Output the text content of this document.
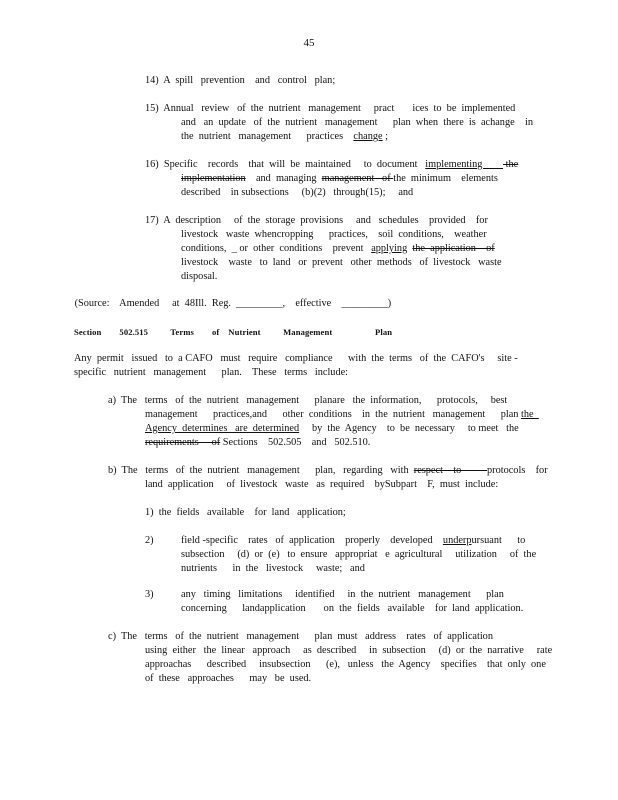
45
14)  A  spill   prevention    and   control   plan;
15)  Annual   review   of  the  nutrient   management     pract       ices  to  be  implemented
and   an  update   of  the  nutrient   management      plan  when  there  is  achange    in
the  nutrient   management      practices    change ;
16)  Specific    records    that  will  be  maintained     to  document   implementing         the
implementation    and  managing  management   of the  minimum    elements
described    in subsections     (b)(2)   through(15);     and
17)  A  description     of  the  storage  provisions     and   schedules    provided    for
livestock   waste  whencropping      practices,    soil  conditions,    weather
conditions,  _ or  other  conditions    prevent   applying the  application    of
livestock    waste   to  land   or  prevent   other  methods   of  livestock   waste
disposal.
(Source:    Amended     at  48Ill.  Reg.  _________,    effective    _________)
Section        502.515          Terms        of    Nutrient          Management                   Plan
Any  permit   issued   to  a CAFO   must   require   compliance      with  the  terms   of  the  CAFO's     site -
specific   nutrient   management      plan.    These   terms   include:
a)  The   terms   of  the  nutrient   management      planare   the  information,      protocols,     best
management      practices,and      other  conditions    in  the  nutrient   management      plan the
Agency  determines   are  determined     by  the  Agency    to  be  necessary     to meet   the
requirements     of Sections    502.505    and   502.510.
b)  The   terms   of  the  nutrient   management      plan,   regarding   with  respect    to          protocols    for
land  application     of  livestock   waste   as  required    bySubpart    F,  must  include:
1)  the  fields   available    for  land   application;
2)	field -specific    rates   of  application    properly    developed    underpursuant      to
subsection     (d)  or  (e)   to  ensure   appropriat   e  agricultural     utilization     of  the
nutrients      in  the   livestock     waste;   and
3)	any   timing   limitations     identified     in  the  nutrient   management      plan
concerning      landapplication       on  the  fields   available    for  land  application.
c)  The   terms   of  the  nutrient   management      plan  must   address    rates   of  application
using  either   the  linear   approach     as  described     in  subsection     (d)  or  the  narrative     rate
approachas      described     insubsection      (e),   unless   the  Agency    specifies    that  only  one
of  these   approaches      may   be  used.
